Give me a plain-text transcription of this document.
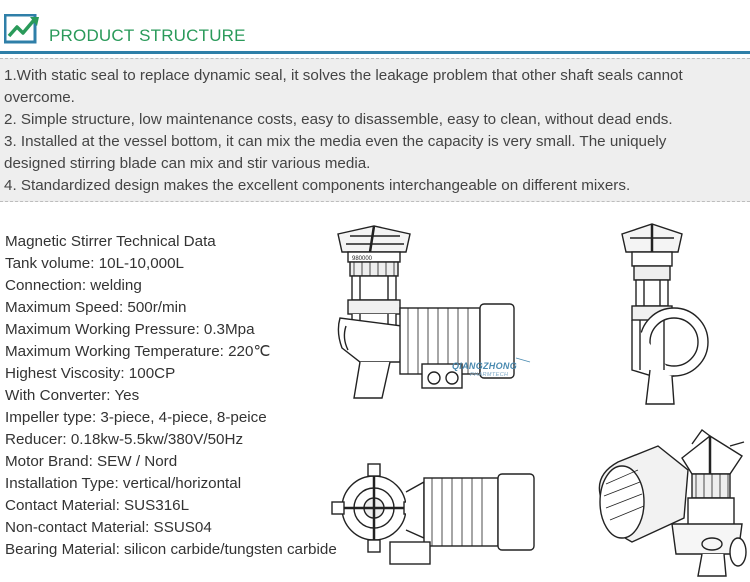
PRODUCT STRUCTURE
1.With static seal to replace dynamic seal, it solves the leakage problem that other shaft seals cannot
overcome.
2. Simple structure, low maintenance costs, easy to disassemble, easy to clean, without dead ends.
3. Installed at the vessel bottom, it can mix the media even the capacity is very small. The uniquely
designed stirring blade can mix and stir various media.
4. Standardized design makes the excellent components interchangeable on different mixers.
Magnetic Stirrer Technical Data
Tank volume: 10L-10,000L
Connection: welding
Maximum Speed: 500r/min
Maximum Working Pressure: 0.3Mpa
Maximum Working Temperature: 220℃
Highest Viscosity: 100CP
With Converter: Yes
Impeller type: 3-piece, 4-piece, 8-peice
Reducer: 0.18kw-5.5kw/380V/50Hz
Motor Brand: SEW / Nord
Installation Type: vertical/horizontal
Contact Material: SUS316L
Non-contact Material: SSUS04
Bearing Material: silicon carbide/tungsten carbide
980000
QIANGZHONG
PHARMTECH
